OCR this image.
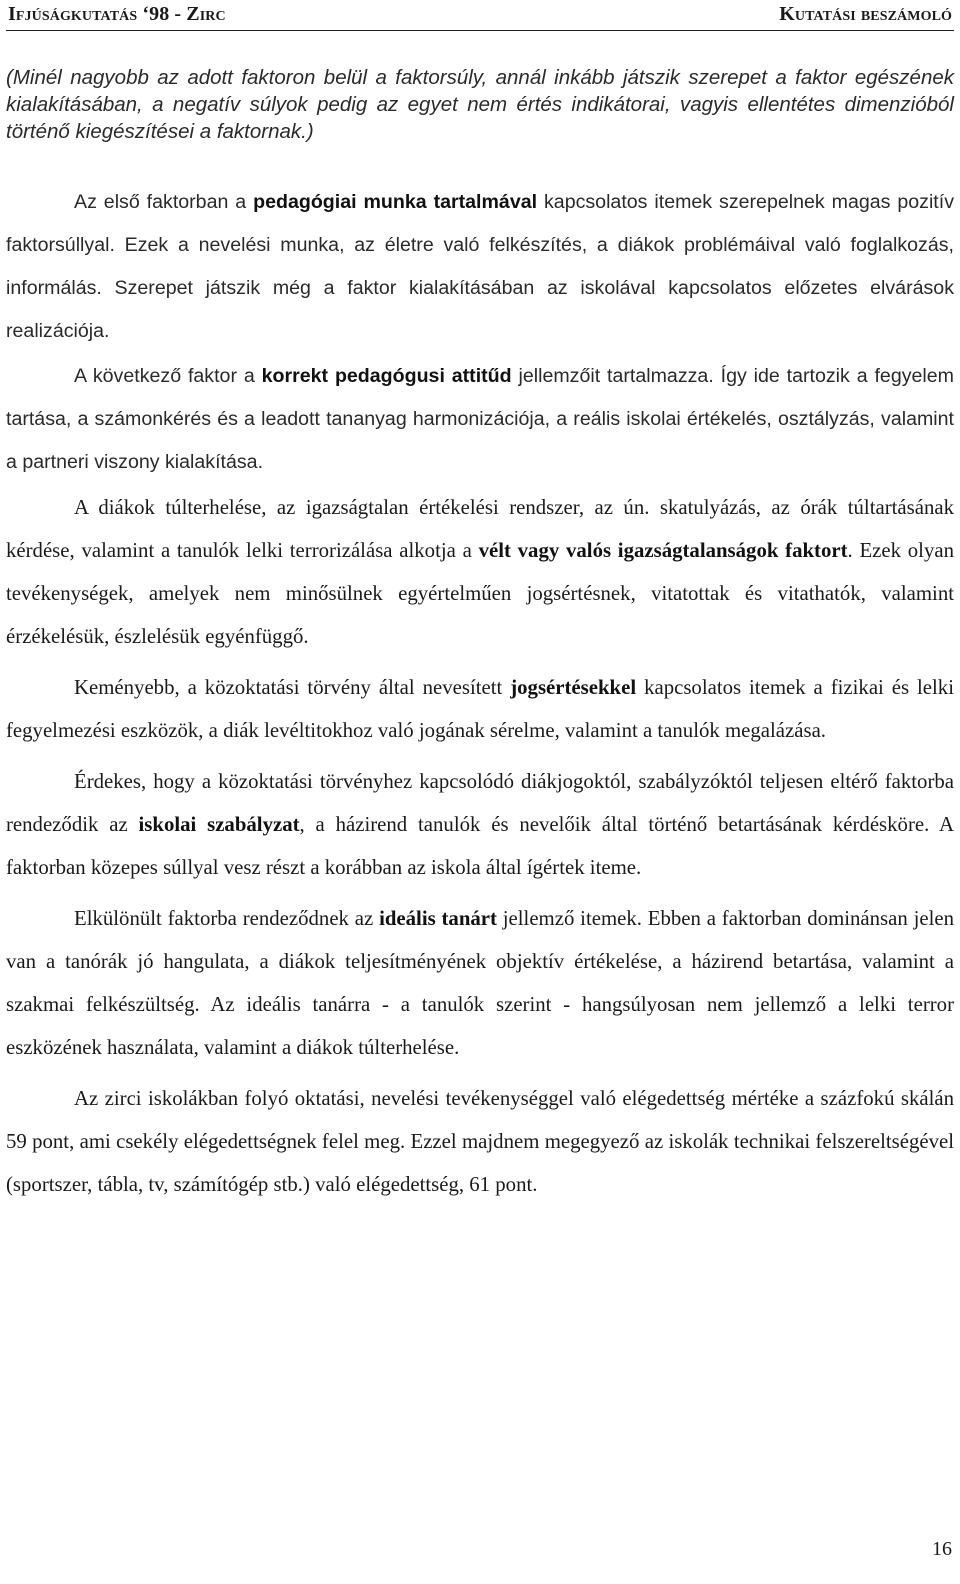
Ifjúságkutatás ‘98 - Zirc	Kutatási beszámoló

(Minél nagyobb az adott faktoron belül a faktorsúly, annál inkább játszik szerepet a faktor egészének kialakításában, a negatív súlyok pedig az egyet nem értés indikátorai, vagyis ellentétes dimenzióból történő kiegészítései a faktornak.)

Az első faktorban a pedagógiai munka tartalmával kapcsolatos itemek szerepelnek magas pozitív faktorsúllyal. Ezek a nevelési munka, az életre való felkészítés, a diákok problémáival való foglalkozás, informálás. Szerepet játszik még a faktor kialakításában az iskolával kapcsolatos előzetes elvárások realizációja.

A következő faktor a korrekt pedagógusi attitűd jellemzőit tartalmazza. Így ide tartozik a fegyelem tartása, a számonkérés és a leadott tananyag harmonizációja, a reális iskolai értékelés, osztályzás, valamint a partneri viszony kialakítása.

A diákok túlterhelése, az igazságtalan értékelési rendszer, az ún. skatulyázás, az órák túltartásának kérdése, valamint a tanulók lelki terrorizálása alkotja a vélt vagy valós igazságtalanságok faktort. Ezek olyan tevékenységek, amelyek nem minősülnek egyértelműen jogsértésnek, vitatottak és vitathatók, valamint érzékelésük, észlelésük egyénfüggő.

Keményebb, a közoktatási törvény által nevesített jogsértésekkel kapcsolatos itemek a fizikai és lelki fegyelmezési eszközök, a diák levéltitokhoz való jogának sérelme, valamint a tanulók megalázása.

Érdekes, hogy a közoktatási törvényhez kapcsolódó diákjogoktól, szabályzóktól teljesen eltérő faktorba rendeződik az iskolai szabályzat, a házirend tanulók és nevelőik által történő betartásának kérdésköre. A faktorban közepes súllyal vesz részt a korábban az iskola által ígértek iteme.

Elkülönült faktorba rendeződnek az ideális tanárt jellemző itemek. Ebben a faktorban dominánsan jelen van a tanórák jó hangulata, a diákok teljesítményének objektív értékelése, a házirend betartása, valamint a szakmai felkészültség. Az ideális tanárra - a tanulók szerint - hangsúlyosan nem jellemző a lelki terror eszközének használata, valamint a diákok túlterhelése.

Az zirci iskolákban folyó oktatási, nevelési tevékenységgel való elégedettség mértéke a százfokú skálán 59 pont, ami csekély elégedettségnek felel meg. Ezzel majdnem megegyező az iskolák technikai felszereltségével (sportszer, tábla, tv, számítógép stb.) való elégedettség, 61 pont.

16
